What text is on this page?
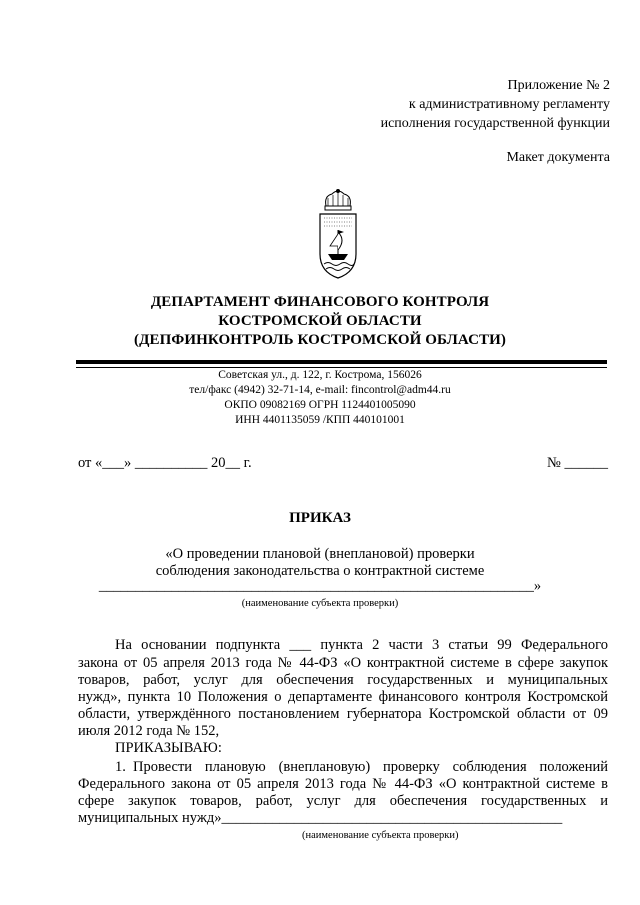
Приложение № 2
к административному регламенту
исполнения государственной функции
Макет документа
ДЕПАРТАМЕНТ ФИНАНСОВОГО КОНТРОЛЯ
КОСТРОМСКОЙ ОБЛАСТИ
(ДЕПФИНКОНТРОЛЬ КОСТРОМСКОЙ ОБЛАСТИ)
Советская ул., д. 122, г. Кострома, 156026
тел/факс (4942) 32-71-14, e-mail: fincontrol@adm44.ru
ОКПО 09082169 ОГРН 1124401005090
ИНН 4401135059 /КПП 440101001
от «___» __________ 20__ г.	№ ______
ПРИКАЗ
«О проведении плановой (внеплановой) проверки
соблюдения законодательства о контрактной системе
____________________________________________________________»
(наименование субъекта проверки)
На основании подпункта ___ пункта 2 части 3 статьи 99 Федерального
закона от 05 апреля 2013 года № 44-ФЗ «О контрактной системе в сфере закупок
товаров, работ, услуг для обеспечения государственных и муниципальных
нужд», пункта 10 Положения о департаменте финансового контроля Костромской
области, утверждённого постановлением губернатора Костромской области от 09
июля 2012 года № 152,
ПРИКАЗЫВАЮ:
1. Провести плановую (внеплановую) проверку соблюдения положений
Федерального закона от 05 апреля 2013 года № 44-ФЗ «О контрактной системе в
сфере закупок товаров, работ, услуг для обеспечения государственных и
муниципальных нужд»_______________________________________________
(наименование субъекта проверки)
